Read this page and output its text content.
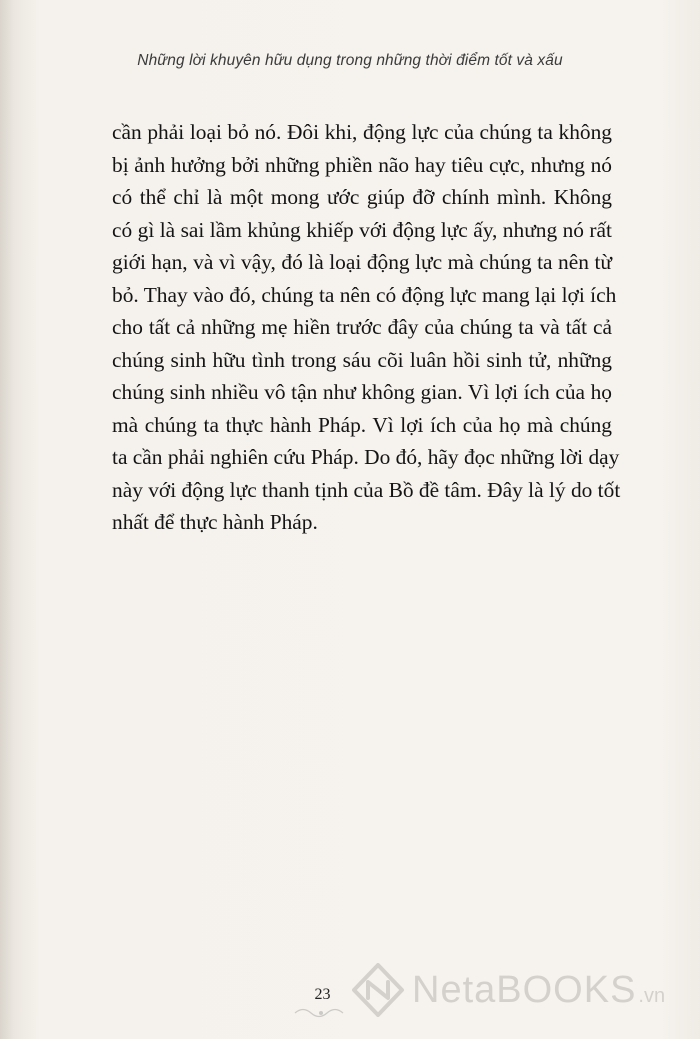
Những lời khuyên hữu dụng trong những thời điểm tốt và xấu
cần phải loại bỏ nó. Đôi khi, động lực của chúng ta không
bị ảnh hưởng bởi những phiền não hay tiêu cực, nhưng nó
có thể chỉ là một mong ước giúp đỡ chính mình. Không
có gì là sai lầm khủng khiếp với động lực ấy, nhưng nó rất
giới hạn, và vì vậy, đó là loại động lực mà chúng ta nên từ
bỏ. Thay vào đó, chúng ta nên có động lực mang lại lợi ích
cho tất cả những mẹ hiền trước đây của chúng ta và tất cả
chúng sinh hữu tình trong sáu cõi luân hồi sinh tử, những
chúng sinh nhiều vô tận như không gian. Vì lợi ích của họ
mà chúng ta thực hành Pháp. Vì lợi ích của họ mà chúng
ta cần phải nghiên cứu Pháp. Do đó, hãy đọc những lời dạy
này với động lực thanh tịnh của Bồ đề tâm. Đây là lý do tốt
nhất để thực hành Pháp.
23	NetaBOOKS .vn
